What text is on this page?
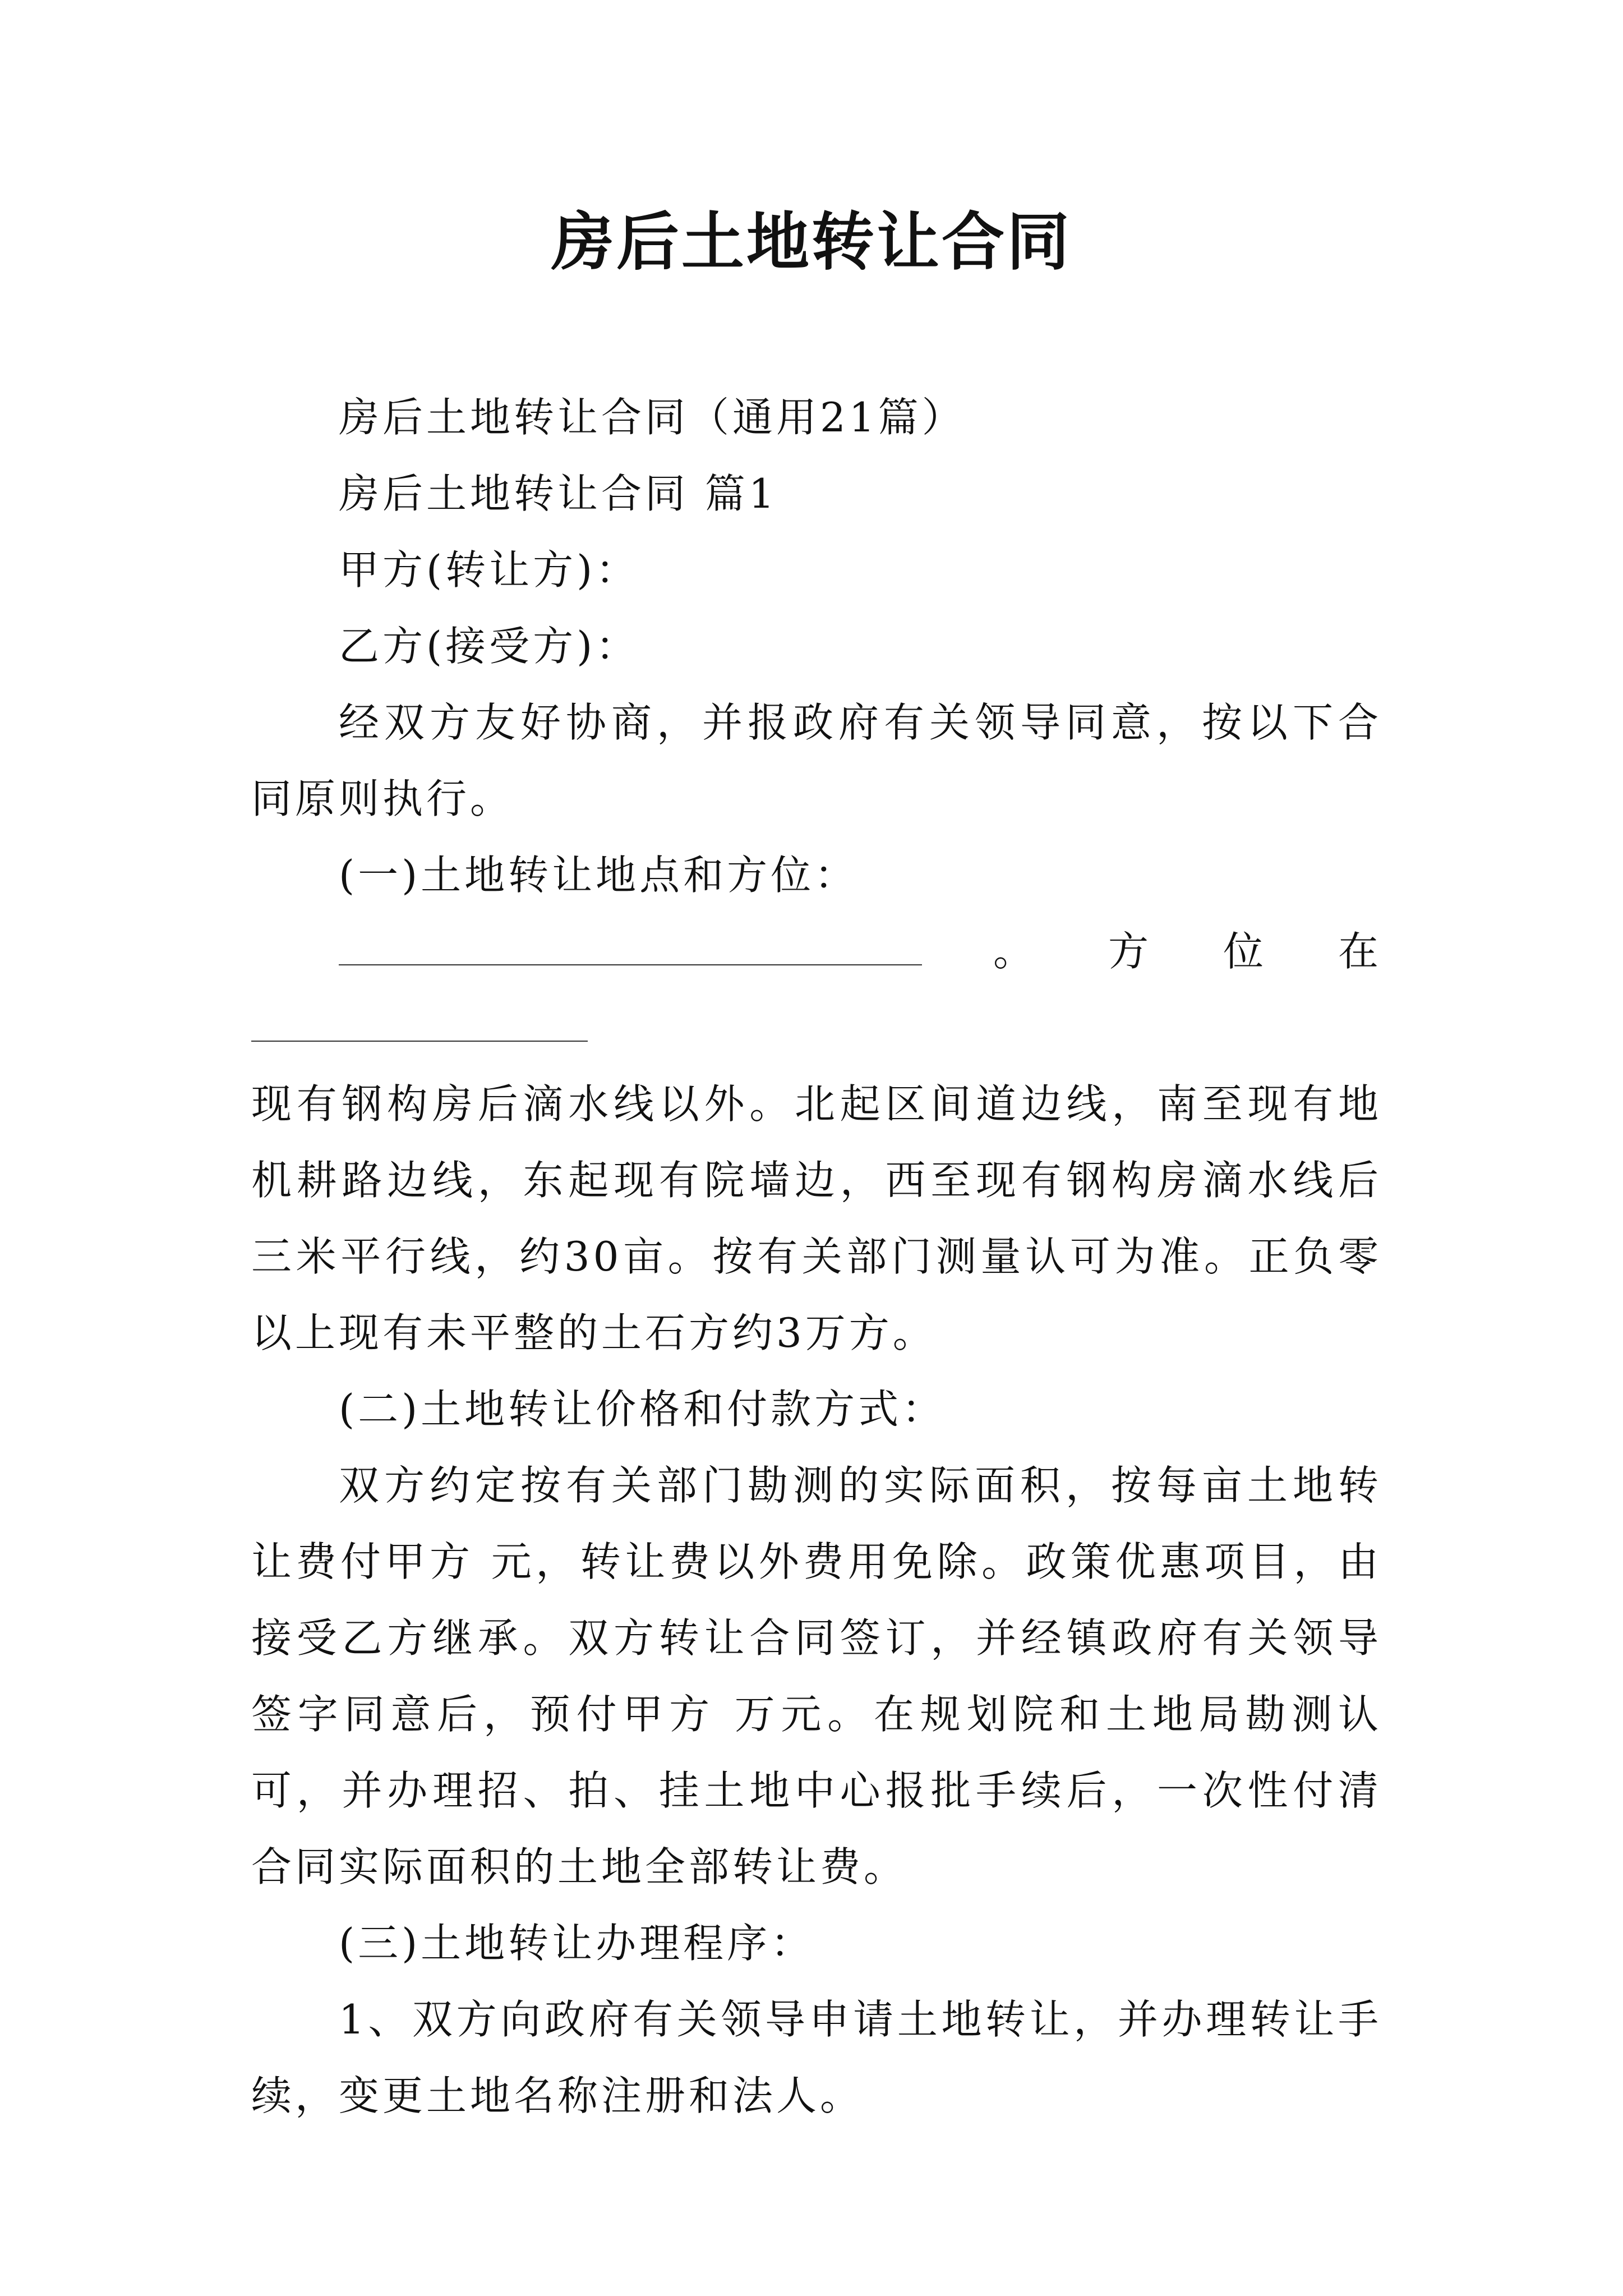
房后土地转让合同

房后土地转让合同（通用21篇）

房后土地转让合同 篇1

甲方(转让方)：

乙方(接受方)：

经双方友好协商，并报政府有关领导同意，按以下合同原则执行。

(一)土地转让地点和方位：

。方位在

现有钢构房后滴水线以外。北起区间道边线，南至现有地机耕路边线，东起现有院墙边，西至现有钢构房滴水线后三米平行线，约30亩。按有关部门测量认可为准。正负零以上现有未平整的土石方约3万方。

(二)土地转让价格和付款方式：

双方约定按有关部门勘测的实际面积，按每亩土地转让费付甲方 元，转让费以外费用免除。政策优惠项目，由接受乙方继承。双方转让合同签订，并经镇政府有关领导签字同意后，预付甲方 万元。在规划院和土地局勘测认可，并办理招、拍、挂土地中心报批手续后，一次性付清合同实际面积的土地全部转让费。

(三)土地转让办理程序：

1、双方向政府有关领导申请土地转让，并办理转让手续，变更土地名称注册和法人。
